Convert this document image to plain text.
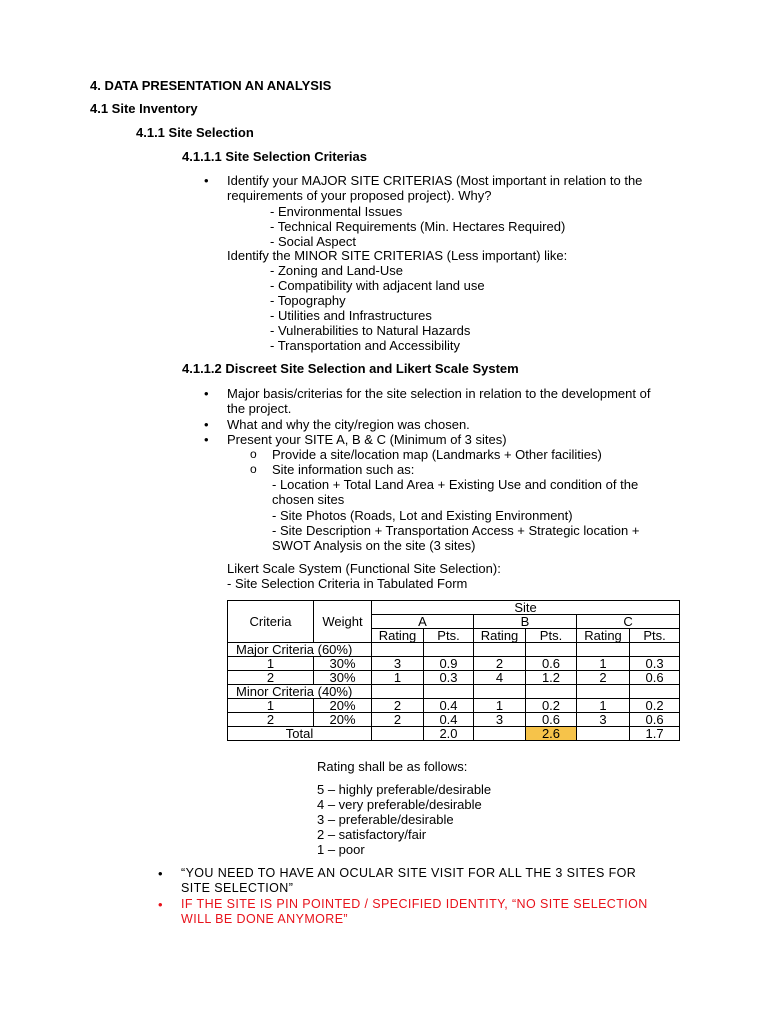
4. DATA PRESENTATION AN ANALYSIS
4.1 Site Inventory
4.1.1 Site Selection
4.1.1.1 Site Selection Criterias
• Identify your MAJOR SITE CRITERIAS (Most important in relation to the
requirements of your proposed project). Why?
- Environmental Issues
- Technical Requirements (Min. Hectares Required)
- Social Aspect
Identify the MINOR SITE CRITERIAS (Less important) like:
- Zoning and Land-Use
- Compatibility with adjacent land use
- Topography
- Utilities and Infrastructures
- Vulnerabilities to Natural Hazards
- Transportation and Accessibility
4.1.1.2 Discreet Site Selection and Likert Scale System
• Major basis/criterias for the site selection in relation to the development of
the project.
• What and why the city/region was chosen.
• Present your SITE A, B & C (Minimum of 3 sites)
o Provide a site/location map (Landmarks + Other facilities)
o Site information such as:
- Location + Total Land Area + Existing Use and condition of the
chosen sites
- Site Photos (Roads, Lot and Existing Environment)
- Site Description + Transportation Access + Strategic location +
SWOT Analysis on the site (3 sites)
Likert Scale System (Functional Site Selection):
- Site Selection Criteria in Tabulated Form
Criteria	Weight	Site					
		A		B		C	
		Rating	Pts.	Rating	Pts.	Rating	Pts.
Major Criteria (60%)							
1	30%	3	0.9	2	0.6	1	0.3
2	30%	1	0.3	4	1.2	2	0.6
Minor Criteria (40%)							
1	20%	2	0.4	1	0.2	1	0.2
2	20%	2	0.4	3	0.6	3	0.6
Total			2.0		2.6		1.7
Rating shall be as follows:
5 – highly preferable/desirable
4 – very preferable/desirable
3 – preferable/desirable
2 – satisfactory/fair
1 – poor
• “YOU NEED TO HAVE AN OCULAR SITE VISIT FOR ALL THE 3 SITES FOR
SITE SELECTION”
• IF THE SITE IS PIN POINTED / SPECIFIED IDENTITY, “NO SITE SELECTION
WILL BE DONE ANYMORE”
